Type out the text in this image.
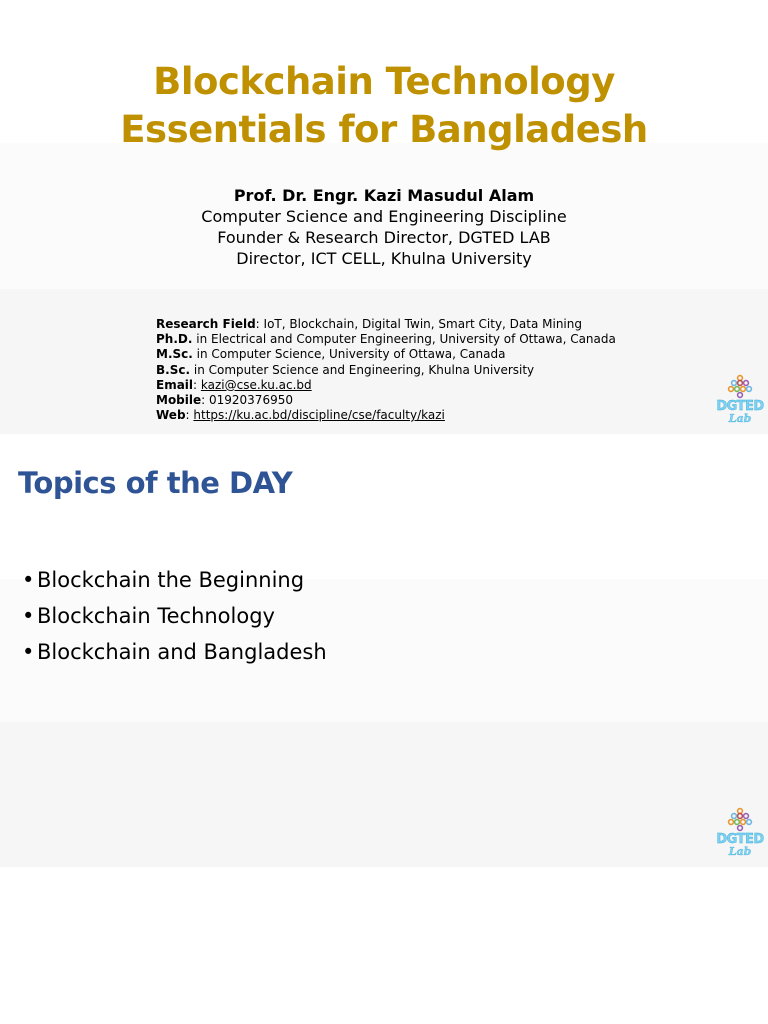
Blockchain Technology
Essentials for Bangladesh
Prof. Dr. Engr. Kazi Masudul Alam
Computer Science and Engineering Discipline
Founder & Research Director, DGTED LAB
Director, ICT CELL, Khulna University
Research Field: IoT, Blockchain, Digital Twin, Smart City, Data Mining
Ph.D. in Electrical and Computer Engineering, University of Ottawa, Canada
M.Sc. in Computer Science, University of Ottawa, Canada
B.Sc. in Computer Science and Engineering, Khulna University
Email: kazi@cse.ku.ac.bd
Mobile: 01920376950
Web: https://ku.ac.bd/discipline/cse/faculty/kazi
DGTED
Lab
Topics of the DAY
• Blockchain the Beginning
• Blockchain Technology
• Blockchain and Bangladesh
DGTED
Lab
